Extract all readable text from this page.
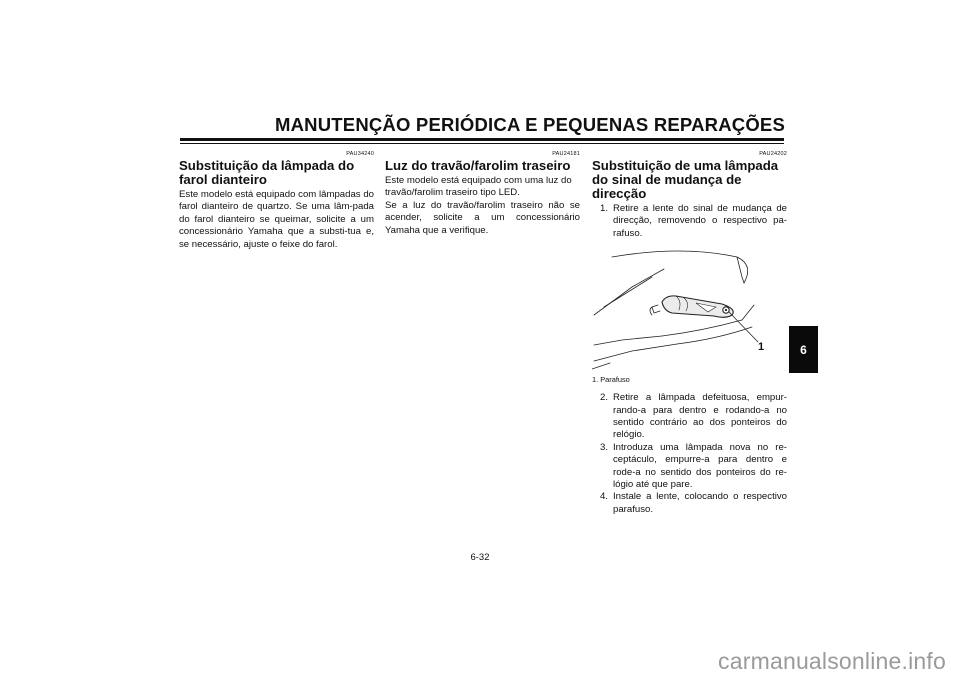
MANUTENÇÃO PERIÓDICA E PEQUENAS REPARAÇÕES
PAU34240
Substituição da lâmpada do farol dianteiro
Este modelo está equipado com lâmpadas do farol dianteiro de quartzo. Se uma lâm-pada do farol dianteiro se queimar, solicite a um concessionário Yamaha que a substi-tua e, se necessário, ajuste o feixe do farol.
PAU24181
Luz do travão/farolim traseiro
Este modelo está equipado com uma luz do travão/farolim traseiro tipo LED.
Se a luz do travão/farolim traseiro não se acender, solicite a um concessionário Yamaha que a verifique.
PAU24202
Substituição de uma lâmpada do sinal de mudança de direcção
1. Retire a lente do sinal de mudança de direcção, removendo o respectivo pa-rafuso.
1
1. Parafuso
2. Retire a lâmpada defeituosa, empur-rando-a para dentro e rodando-a no sentido contrário ao dos ponteiros do relógio.
3. Introduza uma lâmpada nova no re-ceptáculo, empurre-a para dentro e rode-a no sentido dos ponteiros do re-lógio até que pare.
4. Instale a lente, colocando o respectivo parafuso.
6
6-32
carmanualsonline.info
